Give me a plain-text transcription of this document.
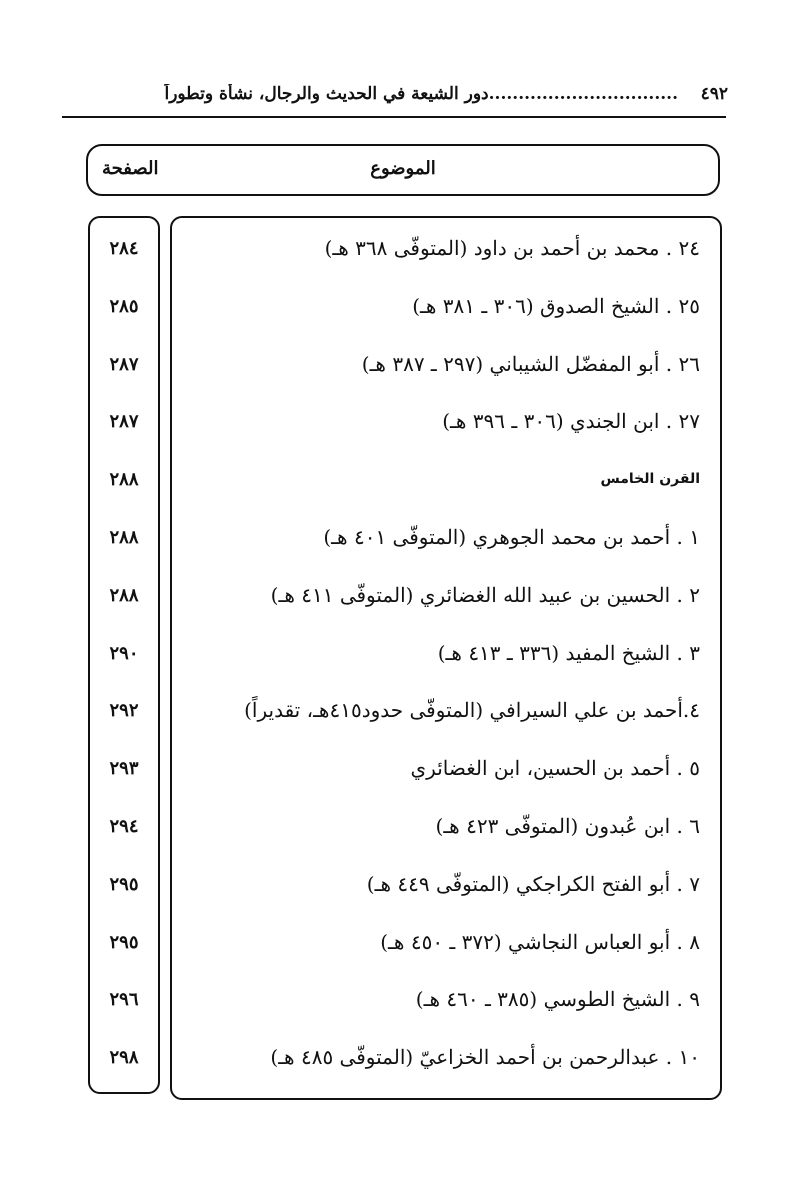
٤٩٢
................................دور الشيعة في الحديث والرجال، نشأة وتطوراً
الموضوع
الصفحة
٢٤ . محمد بن أحمد بن داود (المتوفّى ٣٦٨ هـ)
٢٨٤
٢٥ . الشيخ الصدوق (٣٠٦ ـ ٣٨١ هـ)
٢٨٥
٢٦ . أبو المفضّل الشيباني (٢٩٧ ـ ٣٨٧ هـ)
٢٨٧
٢٧ . ابن الجندي (٣٠٦ ـ ٣٩٦ هـ)
٢٨٧
القرن الخامس
٢٨٨
١ . أحمد بن محمد الجوهري (المتوفّى ٤٠١ هـ)
٢٨٨
٢ . الحسين بن عبيد الله الغضائري (المتوفّى ٤١١ هـ)
٢٨٨
٣ . الشيخ المفيد (٣٣٦ ـ ٤١٣ هـ)
٢٩٠
٤.أحمد بن علي السيرافي (المتوفّى حدود٤١٥هـ، تقديراً)
٢٩٢
٥ . أحمد بن الحسين، ابن الغضائري
٢٩٣
٦ . ابن عُبدون (المتوفّى ٤٢٣ هـ)
٢٩٤
٧ . أبو الفتح الكراجكي (المتوفّى ٤٤٩ هـ)
٢٩٥
٨ . أبو العباس النجاشي (٣٧٢ ـ ٤٥٠ هـ)
٢٩٥
٩ . الشيخ الطوسي (٣٨٥ ـ ٤٦٠ هـ)
٢٩٦
١٠ . عبدالرحمن بن أحمد الخزاعيّ (المتوفّى ٤٨٥ هـ)
٢٩٨
